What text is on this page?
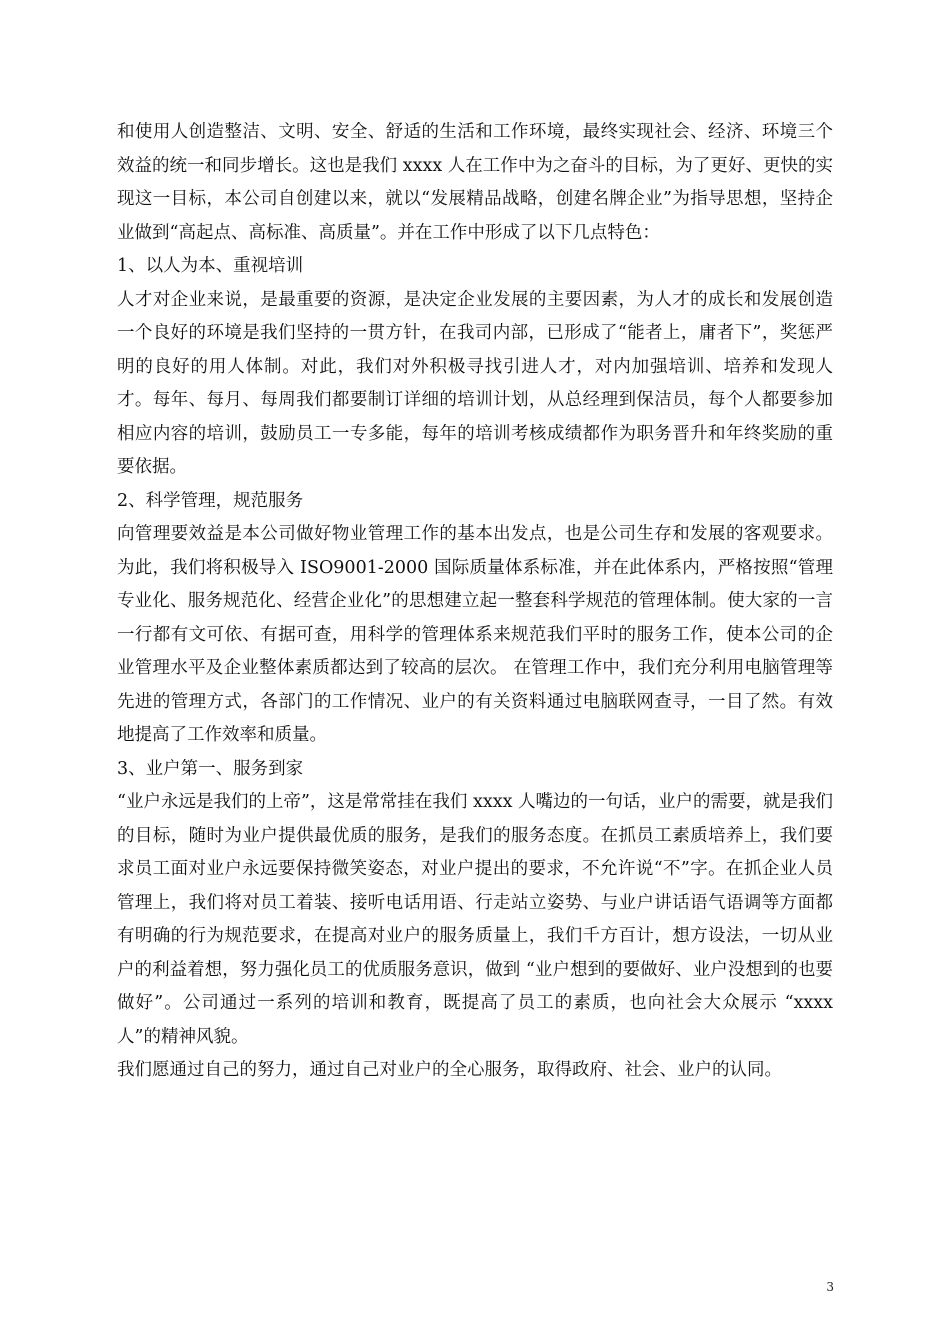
和使用人创造整洁、文明、安全、舒适的生活和工作环境，最终实现社会、经济、环境三个效益的统一和同步增长。这也是我们 xxxx 人在工作中为之奋斗的目标，为了更好、更快的实现这一目标，本公司自创建以来，就以“发展精品战略，创建名牌企业”为指导思想，坚持企业做到“高起点、高标准、高质量”。并在工作中形成了以下几点特色：

1、以人为本、重视培训

人才对企业来说，是最重要的资源，是决定企业发展的主要因素，为人才的成长和发展创造一个良好的环境是我们坚持的一贯方针，在我司内部，已形成了“能者上，庸者下”，奖惩严明的良好的用人体制。对此，我们对外积极寻找引进人才，对内加强培训、培养和发现人才。每年、每月、每周我们都要制订详细的培训计划，从总经理到保洁员，每个人都要参加相应内容的培训，鼓励员工一专多能，每年的培训考核成绩都作为职务晋升和年终奖励的重要依据。

2、科学管理，规范服务

向管理要效益是本公司做好物业管理工作的基本出发点，也是公司生存和发展的客观要求。为此，我们将积极导入 ISO9001-2000 国际质量体系标准，并在此体系内，严格按照“管理专业化、服务规范化、经营企业化”的思想建立起一整套科学规范的管理体制。使大家的一言一行都有文可依、有据可查，用科学的管理体系来规范我们平时的服务工作，使本公司的企业管理水平及企业整体素质都达到了较高的层次。 在管理工作中，我们充分利用电脑管理等先进的管理方式，各部门的工作情况、业户的有关资料通过电脑联网查寻，一目了然。有效地提高了工作效率和质量。

3、业户第一、服务到家

“业户永远是我们的上帝”，这是常常挂在我们 xxxx 人嘴边的一句话，业户的需要，就是我们的目标，随时为业户提供最优质的服务，是我们的服务态度。在抓员工素质培养上，我们要求员工面对业户永远要保持微笑姿态，对业户提出的要求，不允许说“不”字。在抓企业人员管理上，我们将对员工着装、接听电话用语、行走站立姿势、与业户讲话语气语调等方面都有明确的行为规范要求，在提高对业户的服务质量上，我们千方百计，想方设法，一切从业户的利益着想，努力强化员工的优质服务意识，做到 “业户想到的要做好、业户没想到的也要做好”。公司通过一系列的培训和教育，既提高了员工的素质，也向社会大众展示 “xxxx 人”的精神风貌。

我们愿通过自己的努力，通过自己对业户的全心服务，取得政府、社会、业户的认同。

3
